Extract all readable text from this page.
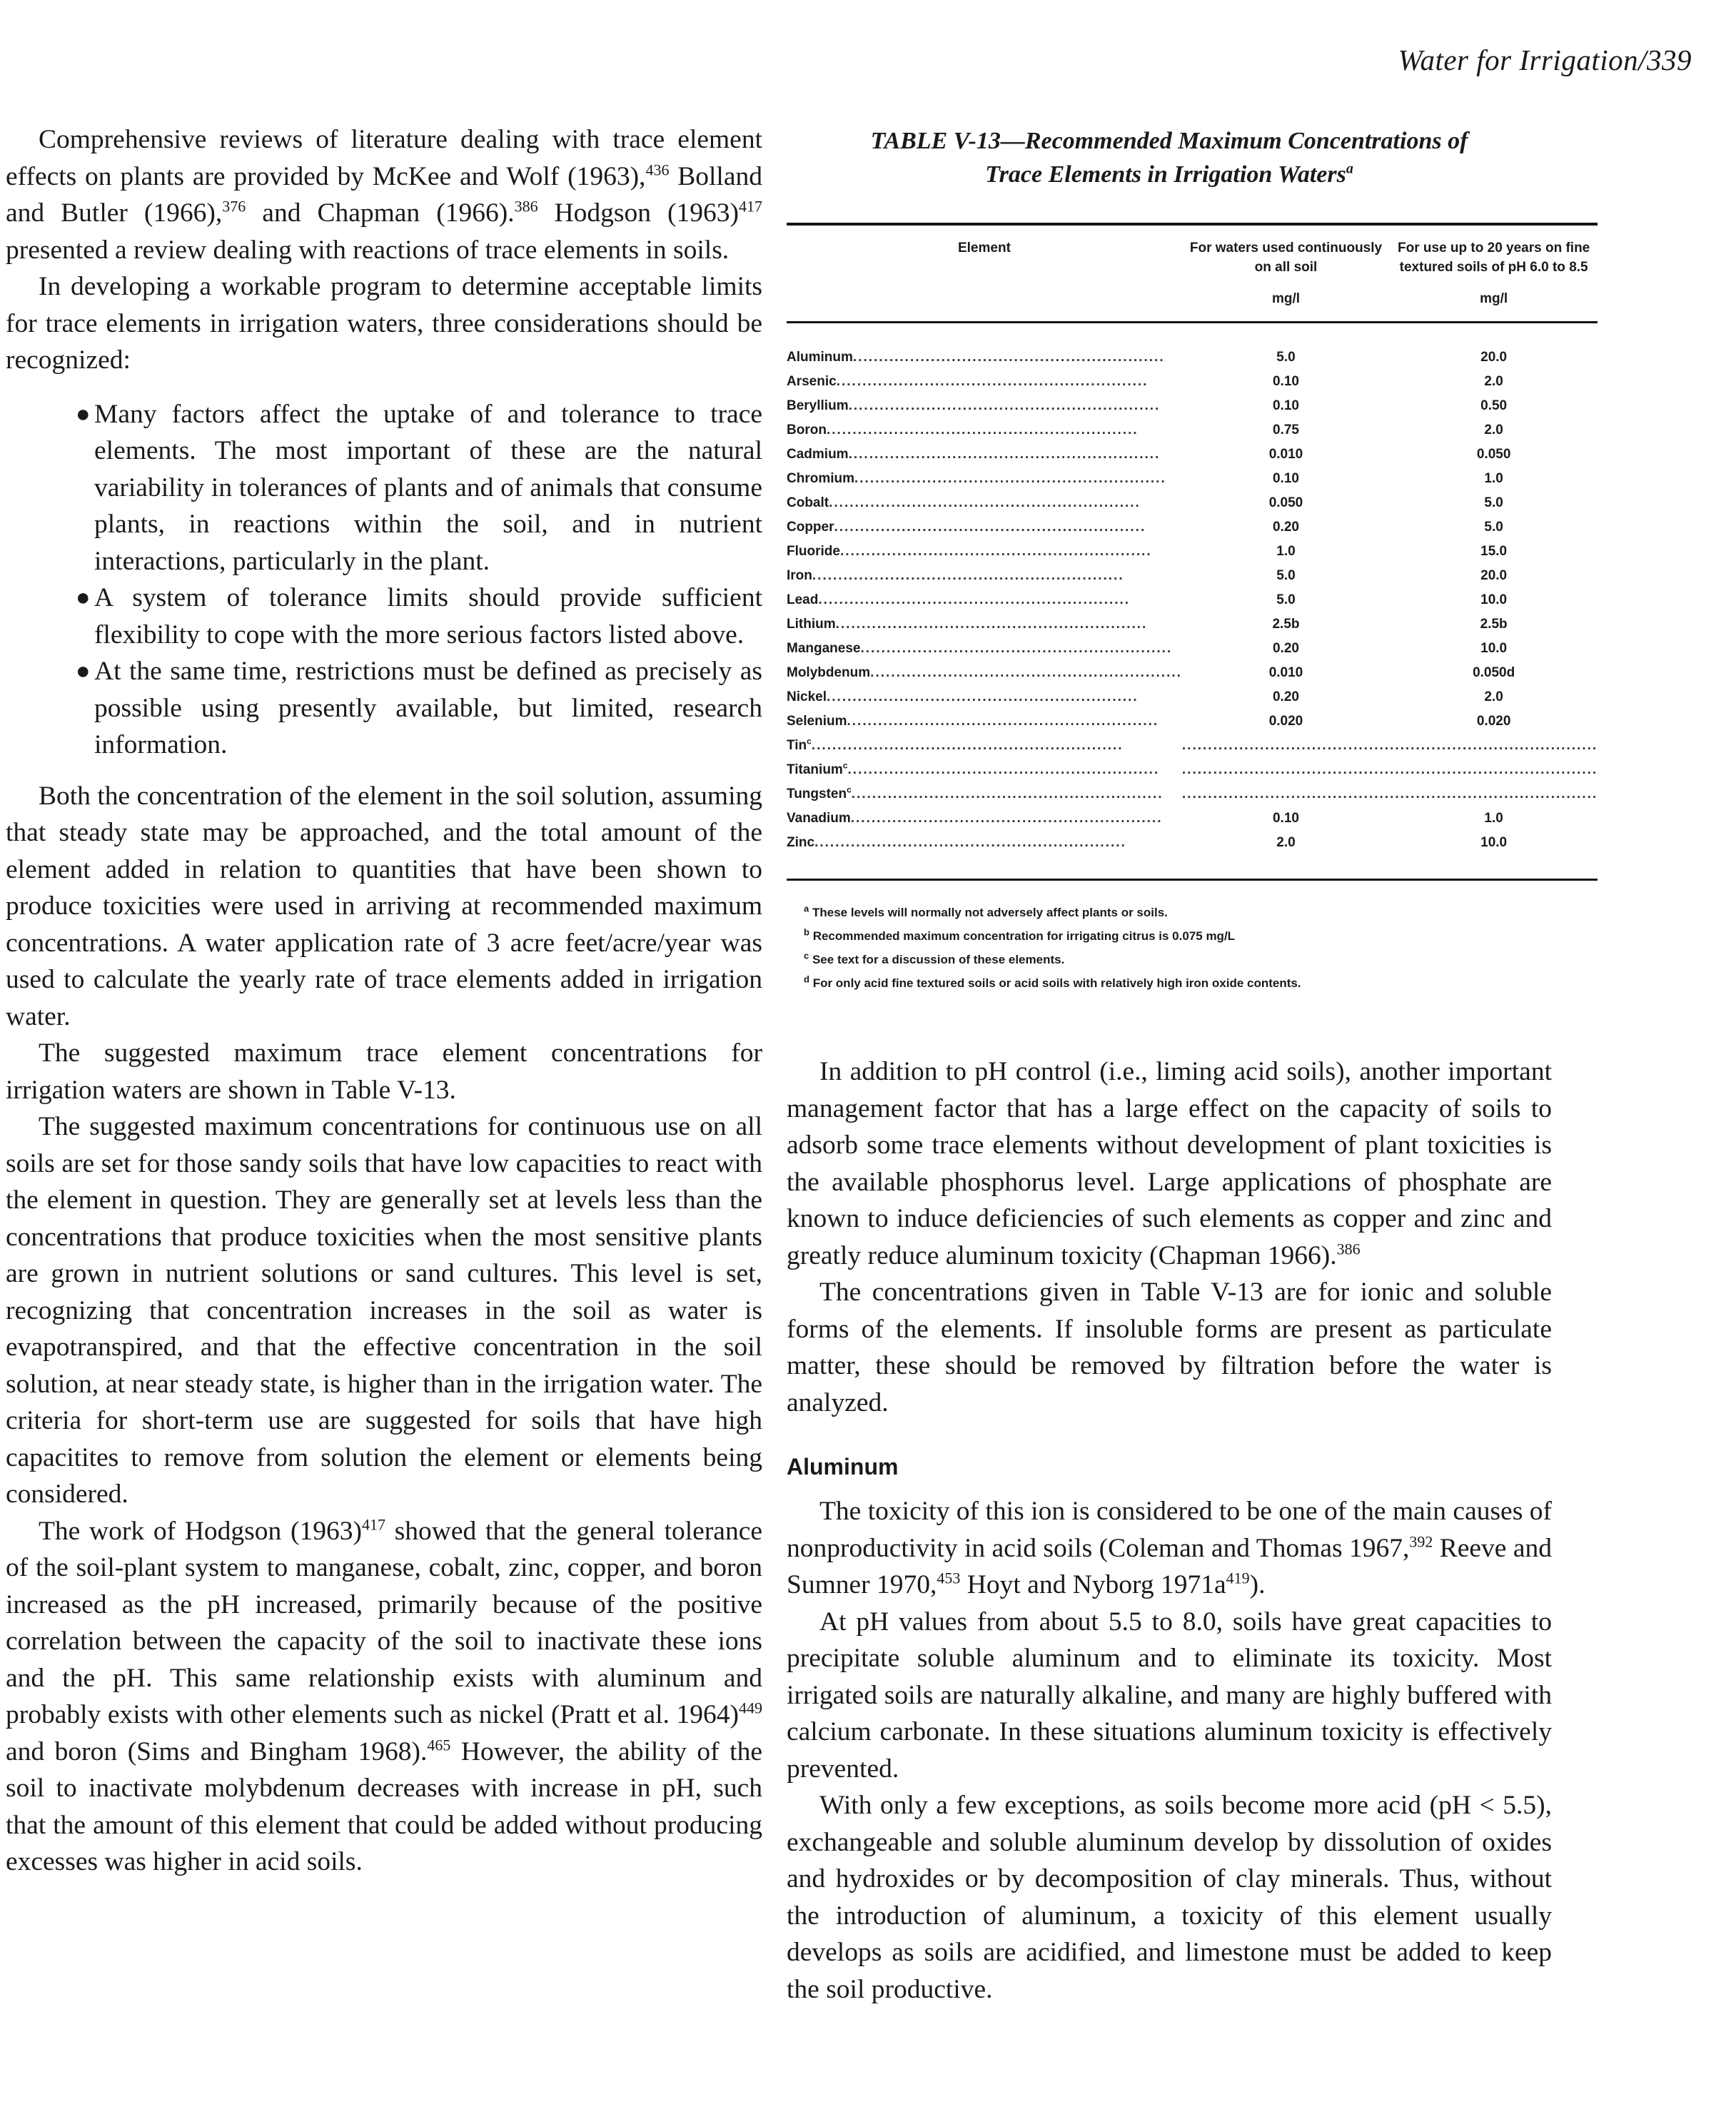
Water for Irrigation/339

Comprehensive reviews of literature dealing with trace element effects on plants are provided by McKee and Wolf (1963),$^{436}$ Bolland and Butler (1966),$^{376}$ and Chapman (1966).$^{386}$ Hodgson $(1963)^{417}$ presented a review dealing with reactions of trace elements in soils.

In developing a workable program to determine acceptable limits for trace elements in irrigation waters, three considerations should be recognized:

● Many factors affect the uptake of and tolerance to trace elements. The most important of these are the natural variability in tolerances of plants and of animals that consume plants, in reactions within the soil, and in nutrient interactions, particularly in the plant.
● A system of tolerance limits should provide sufficient flexibility to cope with the more serious factors listed above.
● At the same time, restrictions must be defined as precisely as possible using presently available, but limited, research information.

Both the concentration of the element in the soil solution, assuming that steady state may be approached, and the total amount of the element added in relation to quantities that have been shown to produce toxicities were used in arriving at recommended maximum concentrations. A water application rate of 3 acre feet/acre/year was used to calculate the yearly rate of trace elements added in irrigation water.

The suggested maximum trace element concentrations for irrigation waters are shown in Table V-13.

The suggested maximum concentrations for continuous use on all soils are set for those sandy soils that have low capacities to react with the element in question. They are generally set at levels less than the concentrations that produce toxicities when the most sensitive plants are grown in nutrient solutions or sand cultures. This level is set, recognizing that concentration increases in the soil as water is evapotranspired, and that the effective concentration in the soil solution, at near steady state, is higher than in the irrigation water. The criteria for short-term use are suggested for soils that have high capacitites to remove from solution the element or elements being considered.

The work of Hodgson $(1963)^{417}$ showed that the general tolerance of the soil-plant system to manganese, cobalt, zinc, copper, and boron increased as the pH increased, primarily because of the positive correlation between the capacity of the soil to inactivate these ions and the pH. This same relationship exists with aluminum and probably exists with other elements such as nickel (Pratt et al. 1964)$^{449}$ and boron (Sims and Bingham 1968).$^{465}$ However, the ability of the soil to inactivate molybdenum decreases with increase in pH, such that the amount of this element that could be added without producing excesses was higher in acid soils.

TABLE V-13—Recommended Maximum Concentrations of
Trace Elements in Irrigation Waters$^a$
Element	For waters used continuously on all soil	For use up to 20 years on fine textured soils of pH 6.0 to 8.5
	mg/l	mg/l
Aluminum............................................................	5.0	20.0
Arsenic............................................................	0.10	2.0
Beryllium............................................................	0.10	0.50
Boron............................................................	0.75	2.0
Cadmium............................................................	0.010	0.050
Chromium............................................................	0.10	1.0
Cobalt............................................................	0.050	5.0
Copper............................................................	0.20	5.0
Fluoride............................................................	1.0	15.0
Iron............................................................	5.0	20.0
Lead............................................................	5.0	10.0
Lithium............................................................	2.5b	2.5b
Manganese............................................................	0.20	10.0
Molybdenum............................................................	0.010	0.050d
Nickel............................................................	0.20	2.0
Selenium............................................................	0.020	0.020
Tin$^c$............................................................	........................................	........................................
Titanium$^c$............................................................	........................................	........................................
Tungsten$^c$............................................................	........................................	........................................
Vanadium............................................................	0.10	1.0
Zinc............................................................	2.0	10.0
$^a$ These levels will normally not adversely affect plants or soils.
$^b$ Recommended maximum concentration for irrigating citrus is 0.075 mg/L
$^c$ See text for a discussion of these elements.
$^d$ For only acid fine textured soils or acid soils with relatively high iron oxide contents.

In addition to pH control (i.e., liming acid soils), another important management factor that has a large effect on the capacity of soils to adsorb some trace elements without development of plant toxicities is the available phosphorus level. Large applications of phosphate are known to induce deficiencies of such elements as copper and zinc and greatly reduce aluminum toxicity (Chapman 1966).$^{386}$

The concentrations given in Table V-13 are for ionic and soluble forms of the elements. If insoluble forms are present as particulate matter, these should be removed by filtration before the water is analyzed.

Aluminum

The toxicity of this ion is considered to be one of the main causes of nonproductivity in acid soils (Coleman and Thomas 1967,$^{392}$ Reeve and Sumner 1970,$^{453}$ Hoyt and Nyborg $1971a^{419}$).

At pH values from about 5.5 to 8.0, soils have great capacities to precipitate soluble aluminum and to eliminate its toxicity. Most irrigated soils are naturally alkaline, and many are highly buffered with calcium carbonate. In these situations aluminum toxicity is effectively prevented.

With only a few exceptions, as soils become more acid (pH < 5.5), exchangeable and soluble aluminum develop by dissolution of oxides and hydroxides or by decomposition of clay minerals. Thus, without the introduction of aluminum, a toxicity of this element usually develops as soils are acidified, and limestone must be added to keep the soil productive.
